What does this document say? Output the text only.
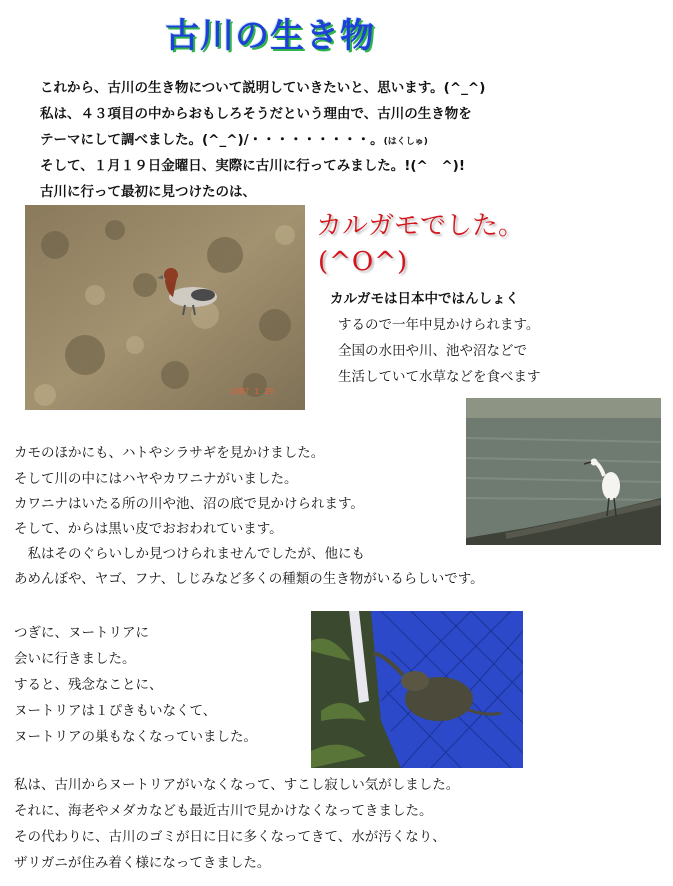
古川の生き物
これから、古川の生き物について説明していきたいと、思います。(^_^)
私は、４３項目の中からおもしろそうだという理由で、古川の生き物を
テーマにして調べました。(^_^)/・・・・・・・・・。(はくしゅ)
そして、１月１９日金曜日、実際に古川に行ってみました。!(^　^)!
古川に行って最初に見つけたのは、
2007 1 19
カルガモでした。
(^O^)
カルガモは日本中ではんしょく
するので一年中見かけられます。
全国の水田や川、池や沼などで
生活していて水草などを食べます
カモのほかにも、ハトやシラサギを見かけました。
そして川の中にはハヤやカワニナがいました。
カワニナはいたる所の川や池、沼の底で見かけられます。
そして、からは黒い皮でおおわれています。
　私はそのぐらいしか見つけられませんでしたが、他にも
あめんぼや、ヤゴ、フナ、しじみなど多くの種類の生き物がいるらしいです。
つぎに、ヌートリアに
会いに行きました。
すると、残念なことに、
ヌートリアは１ぴきもいなくて、
ヌートリアの巣もなくなっていました。
私は、古川からヌートリアがいなくなって、すこし寂しい気がしました。
それに、海老やメダカなども最近古川で見かけなくなってきました。
その代わりに、古川のゴミが日に日に多くなってきて、水が汚くなり、
ザリガニが住み着く様になってきました。
